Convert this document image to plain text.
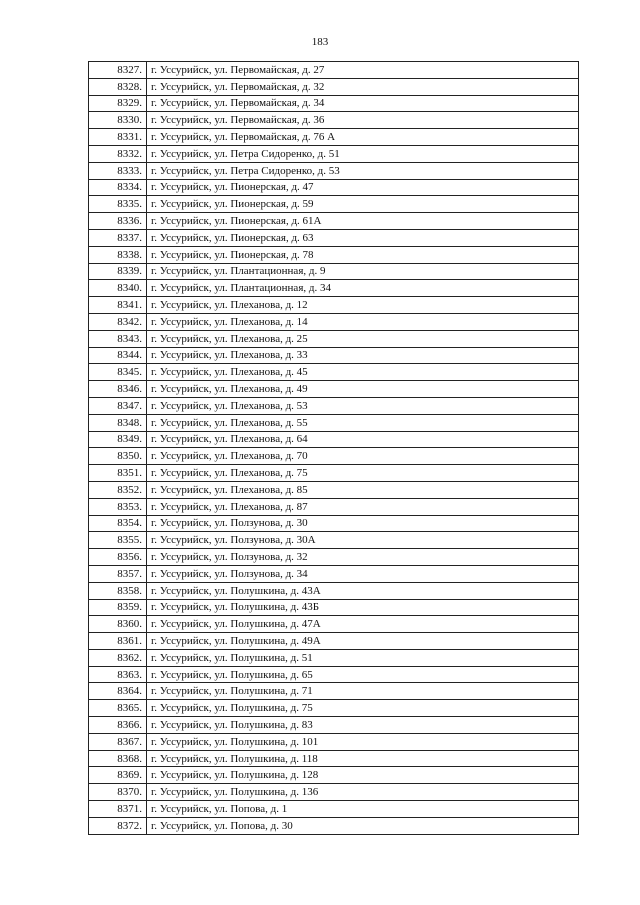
183
8327.	г. Уссурийск, ул. Первомайская, д. 27
8328.	г. Уссурийск, ул. Первомайская, д. 32
8329.	г. Уссурийск, ул. Первомайская, д. 34
8330.	г. Уссурийск, ул. Первомайская, д. 36
8331.	г. Уссурийск, ул. Первомайская, д. 76 А
8332.	г. Уссурийск, ул. Петра Сидоренко, д. 51
8333.	г. Уссурийск, ул. Петра Сидоренко, д. 53
8334.	г. Уссурийск, ул. Пионерская, д. 47
8335.	г. Уссурийск, ул. Пионерская, д. 59
8336.	г. Уссурийск, ул. Пионерская, д. 61А
8337.	г. Уссурийск, ул. Пионерская, д. 63
8338.	г. Уссурийск, ул. Пионерская, д. 78
8339.	г. Уссурийск, ул. Плантационная, д. 9
8340.	г. Уссурийск, ул. Плантационная, д. 34
8341.	г. Уссурийск, ул. Плеханова, д. 12
8342.	г. Уссурийск, ул. Плеханова, д. 14
8343.	г. Уссурийск, ул. Плеханова, д. 25
8344.	г. Уссурийск, ул. Плеханова, д. 33
8345.	г. Уссурийск, ул. Плеханова, д. 45
8346.	г. Уссурийск, ул. Плеханова, д. 49
8347.	г. Уссурийск, ул. Плеханова, д. 53
8348.	г. Уссурийск, ул. Плеханова, д. 55
8349.	г. Уссурийск, ул. Плеханова, д. 64
8350.	г. Уссурийск, ул. Плеханова, д. 70
8351.	г. Уссурийск, ул. Плеханова, д. 75
8352.	г. Уссурийск, ул. Плеханова, д. 85
8353.	г. Уссурийск, ул. Плеханова, д. 87
8354.	г. Уссурийск, ул. Ползунова, д. 30
8355.	г. Уссурийск, ул. Ползунова, д. 30А
8356.	г. Уссурийск, ул. Ползунова, д. 32
8357.	г. Уссурийск, ул. Ползунова, д. 34
8358.	г. Уссурийск, ул. Полушкина, д. 43А
8359.	г. Уссурийск, ул. Полушкина, д. 43Б
8360.	г. Уссурийск, ул. Полушкина, д. 47А
8361.	г. Уссурийск, ул. Полушкина, д. 49А
8362.	г. Уссурийск, ул. Полушкина, д. 51
8363.	г. Уссурийск, ул. Полушкина, д. 65
8364.	г. Уссурийск, ул. Полушкина, д. 71
8365.	г. Уссурийск, ул. Полушкина, д. 75
8366.	г. Уссурийск, ул. Полушкина, д. 83
8367.	г. Уссурийск, ул. Полушкина, д. 101
8368.	г. Уссурийск, ул. Полушкина, д. 118
8369.	г. Уссурийск, ул. Полушкина, д. 128
8370.	г. Уссурийск, ул. Полушкина, д. 136
8371.	г. Уссурийск, ул. Попова, д. 1
8372.	г. Уссурийск, ул. Попова, д. 30
